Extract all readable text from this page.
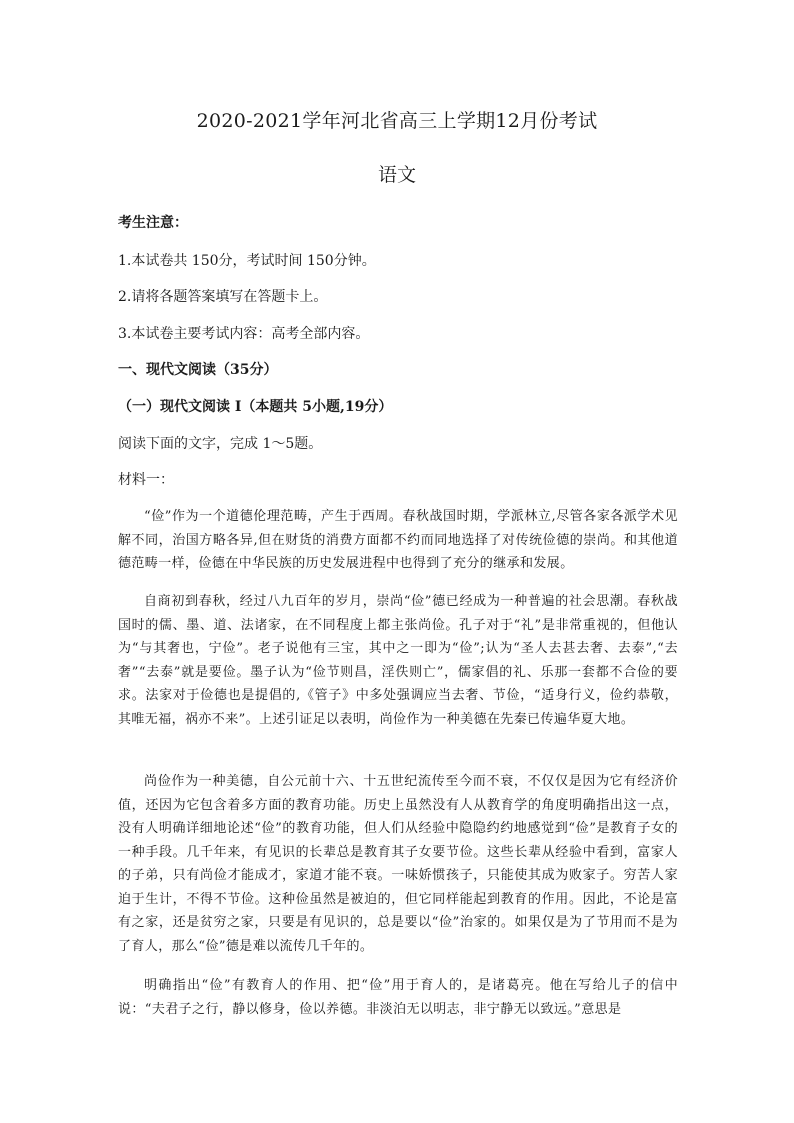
2020-2021学年河北省高三上学期12月份考试
语文

考生注意：

1.本试卷共 150分，考试时间 150分钟。

2.请将各题答案填写在答题卡上。

3.本试卷主要考试内容：高考全部内容。

一、现代文阅读（35分）

（一）现代文阅读 I（本题共 5小题,19分）

阅读下面的文字，完成 1～5题。

材料一：

“俭”作为一个道德伦理范畴，产生于西周。春秋战国时期，学派林立,尽管各家各派学术见解不同，治国方略各异,但在财货的消费方面都不约而同地选择了对传统俭德的崇尚。和其他道德范畴一样，俭德在中华民族的历史发展进程中也得到了充分的继承和发展。

自商初到春秋，经过八九百年的岁月，崇尚“俭”德已经成为一种普遍的社会思潮。春秋战国时的儒、墨、道、法诸家，在不同程度上都主张尚俭。孔子对于“礼”是非常重视的，但他认为“与其奢也，宁俭”。老子说他有三宝，其中之一即为“俭”;认为“圣人去甚去奢、去泰”,“去奢”“去泰”就是要俭。墨子认为“俭节则昌，淫佚则亡”，儒家倡的礼、乐那一套都不合俭的要求。法家对于俭德也是提倡的,《管子》中多处强调应当去奢、节俭，“适身行义，俭约恭敬，其唯无福，祸亦不来”。上述引证足以表明，尚俭作为一种美德在先秦已传遍华夏大地。

尚俭作为一种美德，自公元前十六、十五世纪流传至今而不衰，不仅仅是因为它有经济价值，还因为它包含着多方面的教育功能。历史上虽然没有人从教育学的角度明确指出这一点，没有人明确详细地论述“俭”的教育功能，但人们从经验中隐隐约约地感觉到“俭”是教育子女的一种手段。几千年来，有见识的长辈总是教育其子女要节俭。这些长辈从经验中看到，富家人的子弟，只有尚俭才能成才，家道才能不衰。一味娇惯孩子，只能使其成为败家子。穷苦人家迫于生计，不得不节俭。这种俭虽然是被迫的，但它同样能起到教育的作用。因此，不论是富有之家，还是贫穷之家，只要是有见识的，总是要以“俭”治家的。如果仅是为了节用而不是为了育人，那么“俭”德是难以流传几千年的。

明确指出“俭”有教育人的作用、把“俭”用于育人的，是诸葛亮。他在写给儿子的信中说：“夫君子之行，静以修身，俭以养德。非淡泊无以明志，非宁静无以致远。”意思是
